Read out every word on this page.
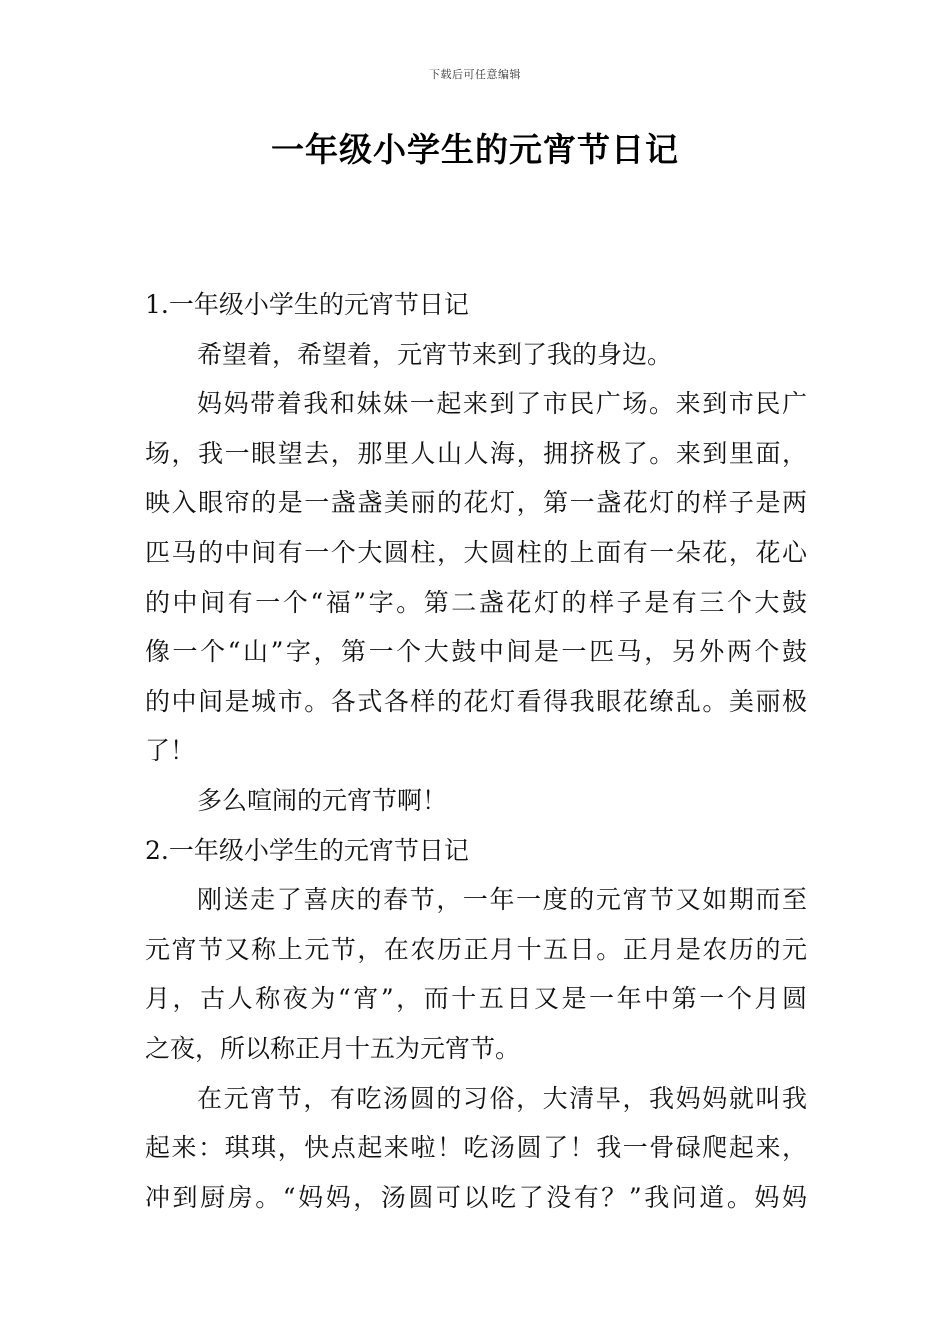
下载后可任意编辑
一年级小学生的元宵节日记
1.一年级小学生的元宵节日记
希望着，希望着，元宵节来到了我的身边。
妈妈带着我和妹妹一起来到了市民广场。来到市民广
场，我一眼望去，那里人山人海，拥挤极了。来到里面，
映入眼帘的是一盏盏美丽的花灯，第一盏花灯的样子是两
匹马的中间有一个大圆柱，大圆柱的上面有一朵花，花心
的中间有一个“福”字。第二盏花灯的样子是有三个大鼓
像一个“山”字，第一个大鼓中间是一匹马，另外两个鼓
的中间是城市。各式各样的花灯看得我眼花缭乱。美丽极
了！
多么喧闹的元宵节啊！
2.一年级小学生的元宵节日记
刚送走了喜庆的春节，一年一度的元宵节又如期而至
元宵节又称上元节，在农历正月十五日。正月是农历的元
月，古人称夜为“宵”，而十五日又是一年中第一个月圆
之夜，所以称正月十五为元宵节。
在元宵节，有吃汤圆的习俗，大清早，我妈妈就叫我
起来：琪琪，快点起来啦！吃汤圆了！我一骨碌爬起来，
冲到厨房。“妈妈，汤圆可以吃了没有？”我问道。妈妈
